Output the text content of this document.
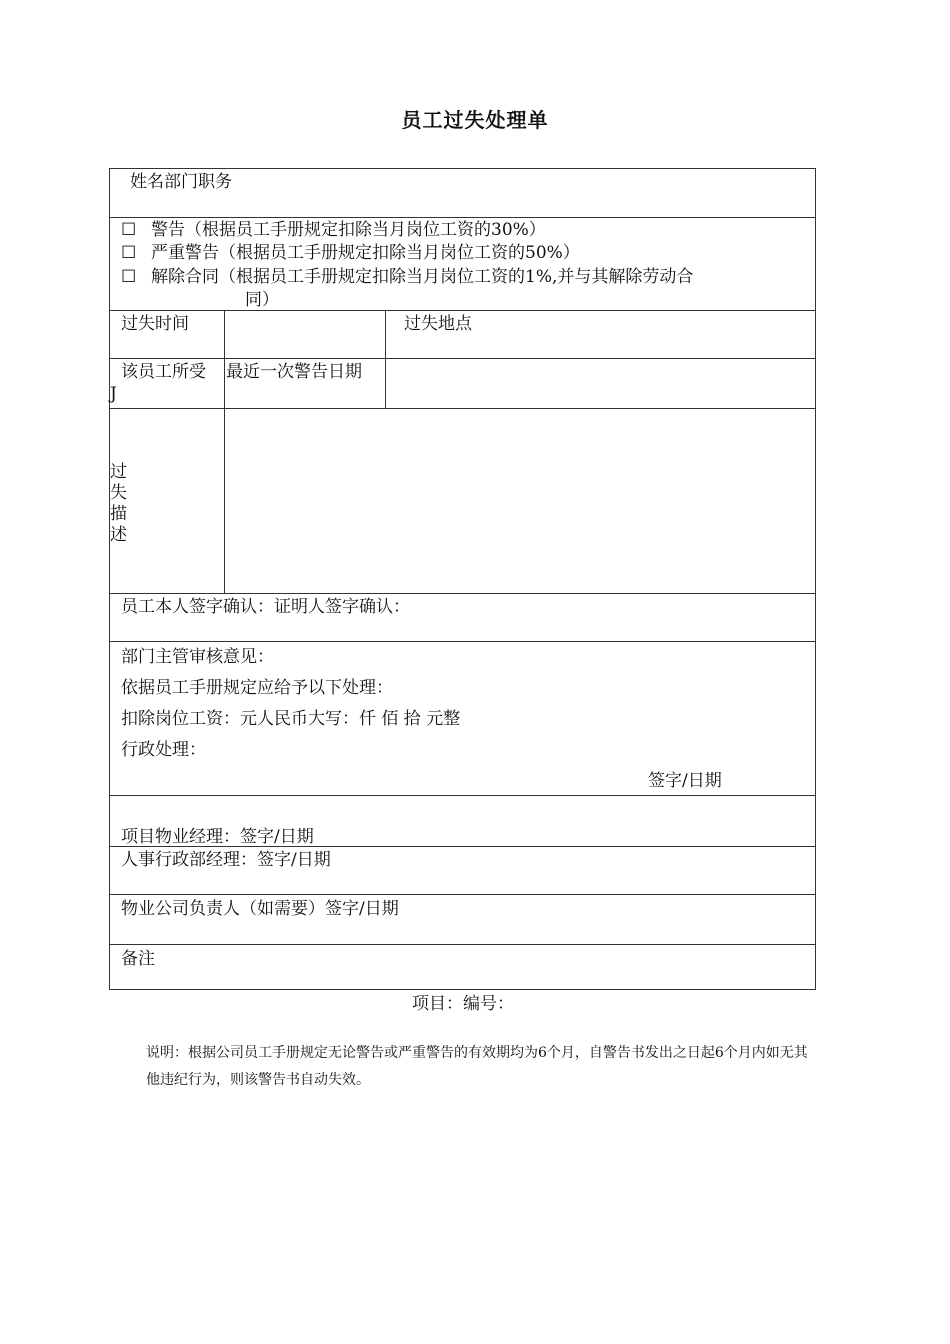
员工过失处理单
姓名部门职务
☐ 警告（根据员工手册规定扣除当月岗位工资的30%）
☐ 严重警告（根据员工手册规定扣除当月岗位工资的50%）
☐ 解除合同（根据员工手册规定扣除当月岗位工资的1%,并与其解除劳动合
同）
过失时间	过失地点
该员工所受
J
最近一次警告日期
过失描述
员工本人签字确认：证明人签字确认：
部门主管审核意见：
依据员工手册规定应给予以下处理：
扣除岗位工资：元人民币大写：仟 佰 拾 元整
行政处理：
签字/日期
项目物业经理：签字/日期
人事行政部经理：签字/日期
物业公司负责人（如需要）签字/日期
备注
项目：编号：
说明：根据公司员工手册规定无论警告或严重警告的有效期均为6个月，自警告书发出之日起6个月内如无其他违纪行为，则该警告书自动失效。
